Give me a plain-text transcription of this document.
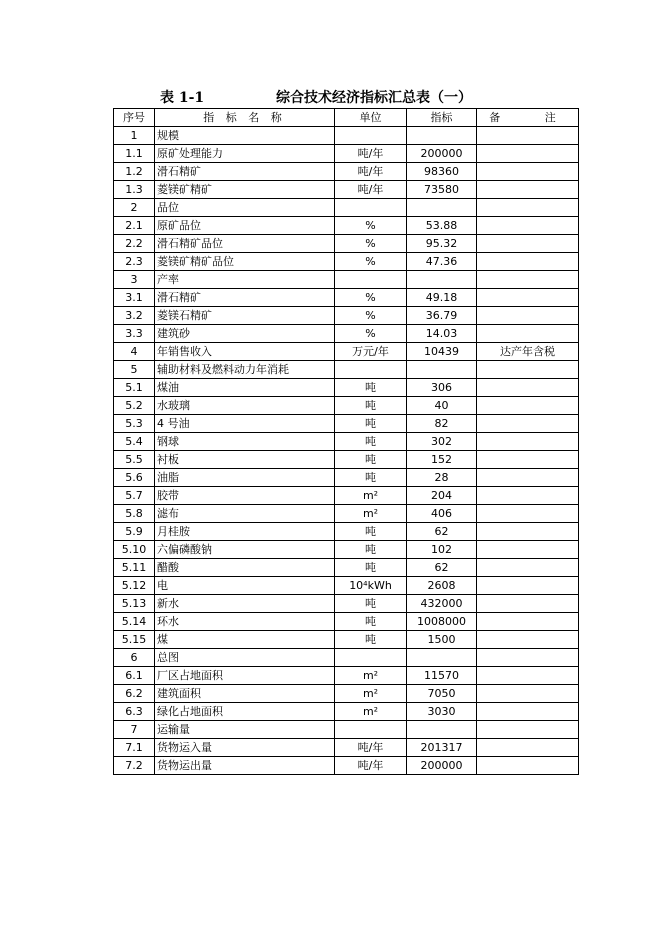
表 1-1	综合技术经济指标汇总表（一）
序号	指 标 名 称	单位	指标	备　 注
1	规模			
1.1	原矿处理能力	吨/年	200000	
1.2	滑石精矿	吨/年	98360	
1.3	菱镁矿精矿	吨/年	73580	
2	品位			
2.1	原矿品位	%	53.88	
2.2	滑石精矿品位	%	95.32	
2.3	菱镁矿精矿品位	%	47.36	
3	产率			
3.1	滑石精矿	%	49.18	
3.2	菱镁石精矿	%	36.79	
3.3	建筑砂	%	14.03	
4	年销售收入	万元/年	10439	达产年含税
5	辅助材料及燃料动力年消耗			
5.1	煤油	吨	306	
5.2	水玻璃	吨	40	
5.3	4 号油	吨	82	
5.4	钢球	吨	302	
5.5	衬板	吨	152	
5.6	油脂	吨	28	
5.7	胶带	m²	204	
5.8	滤布	m²	406	
5.9	月桂胺	吨	62	
5.10	六偏磷酸钠	吨	102	
5.11	醋酸	吨	62	
5.12	电	10⁴kWh	2608	
5.13	新水	吨	432000	
5.14	环水	吨	1008000	
5.15	煤	吨	1500	
6	总图			
6.1	厂区占地面积	m²	11570	
6.2	建筑面积	m²	7050	
6.3	绿化占地面积	m²	3030	
7	运输量			
7.1	货物运入量	吨/年	201317	
7.2	货物运出量	吨/年	200000	
